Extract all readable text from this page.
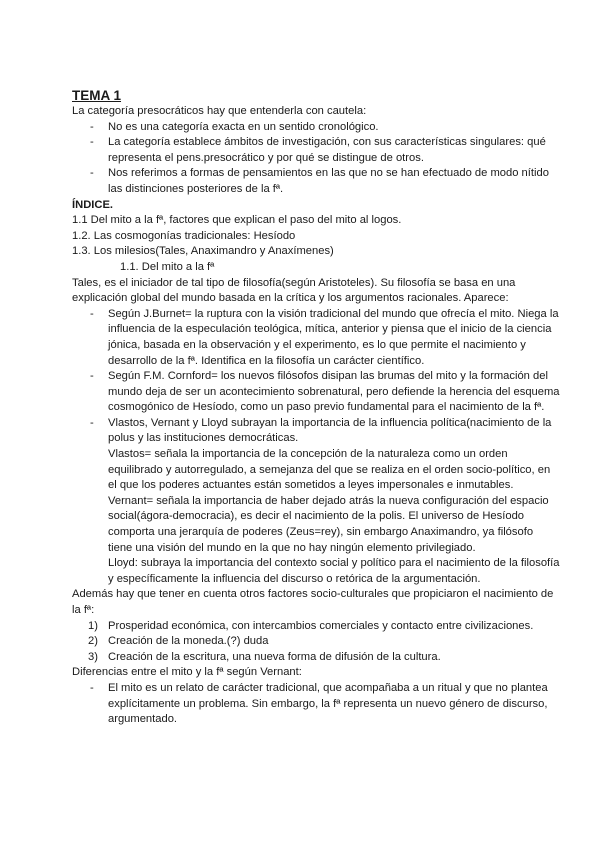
TEMA 1

La categoría presocráticos hay que entenderla con cautela:

- No es una categoría exacta en un sentido cronológico.
- La categoría establece ámbitos de investigación, con sus características singulares: qué representa el pens.presocrático y por qué se distingue de otros.
- Nos referimos a formas de pensamientos en las que no se han efectuado de modo nítido las distinciones posteriores de la fª.

ÍNDICE.

1.1 Del mito a la fª, factores que explican el paso del mito al logos.

1.2. Las cosmogonías tradicionales: Hesíodo

1.3. Los milesios(Tales, Anaximandro y Anaxímenes)

1.1. Del mito a la fª

Tales, es el iniciador de tal tipo de filosofía(según Aristoteles). Su filosofía se basa en una explicación global del mundo basada en la crítica y los argumentos racionales. Aparece:

- Según J.Burnet= la ruptura con la visión tradicional del mundo que ofrecía el mito. Niega la influencia de la especulación teológica, mítica, anterior y piensa que el inicio de la ciencia jónica, basada en la observación y el experimento, es lo que permite el nacimiento y desarrollo de la fª. Identifica en la filosofía un carácter científico.
- Según F.M. Cornford= los nuevos filósofos disipan las brumas del mito y la formación del mundo deja de ser un acontecimiento sobrenatural, pero defiende la herencia del esquema cosmogónico de Hesíodo, como un paso previo fundamental para el nacimiento de la fª.
- Vlastos, Vernant y Lloyd subrayan la importancia de la influencia política(nacimiento de la polus y las instituciones democráticas.
Vlastos= señala la importancia de la concepción de la naturaleza como un orden equilibrado y autorregulado, a semejanza del que se realiza en el orden socio-político, en el que los poderes actuantes están sometidos a leyes impersonales e inmutables.
Vernant= señala la importancia de haber dejado atrás la nueva configuración del espacio social(ágora-democracia), es decir el nacimiento de la polis. El universo de Hesíodo comporta una jerarquía de poderes (Zeus=rey), sin embargo Anaximandro, ya filósofo tiene una visión del mundo en la que no hay ningún elemento privilegiado.
Lloyd: subraya la importancia del contexto social y político para el nacimiento de la filosofía y específicamente la influencia del discurso o retórica de la argumentación.

Además hay que tener en cuenta otros factores socio-culturales que propiciaron el nacimiento de la fª:

1) Prosperidad económica, con intercambios comerciales y contacto entre civilizaciones.
2) Creación de la moneda.(?) duda
3) Creación de la escritura, una nueva forma de difusión de la cultura.

Diferencias entre el mito y la fª según Vernant:

- El mito es un relato de carácter tradicional, que acompañaba a un ritual y que no plantea explícitamente un problema. Sin embargo, la fª representa un nuevo género de discurso, argumentado.
